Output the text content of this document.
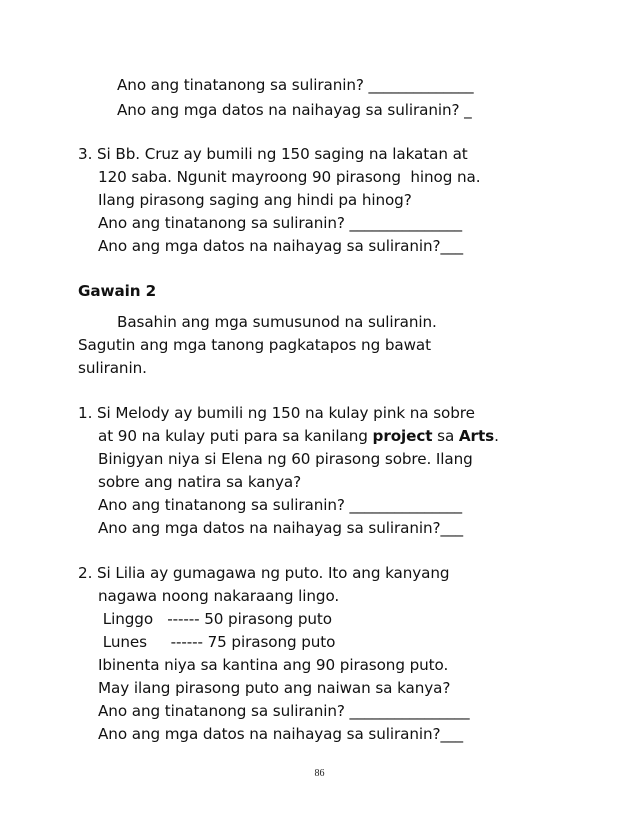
Ano ang tinatanong sa suliranin? ______________
Ano ang mga datos na naihayag sa suliranin? _
3. Si Bb. Cruz ay bumili ng 150 saging na lakatan at
120 saba. Ngunit mayroong 90 pirasong  hinog na.
Ilang pirasong saging ang hindi pa hinog?
Ano ang tinatanong sa suliranin? _______________
Ano ang mga datos na naihayag sa suliranin?___
Gawain 2
Basahin ang mga sumusunod na suliranin.
Sagutin ang mga tanong pagkatapos ng bawat
suliranin.
1. Si Melody ay bumili ng 150 na kulay pink na sobre
at 90 na kulay puti para sa kanilang project sa Arts.
Binigyan niya si Elena ng 60 pirasong sobre. Ilang
sobre ang natira sa kanya?
Ano ang tinatanong sa suliranin? _______________
Ano ang mga datos na naihayag sa suliranin?___
2. Si Lilia ay gumagawa ng puto. Ito ang kanyang
nagawa noong nakaraang lingo.
Linggo   ------ 50 pirasong puto
Lunes     ------ 75 pirasong puto
Ibinenta niya sa kantina ang 90 pirasong puto.
May ilang pirasong puto ang naiwan sa kanya?
Ano ang tinatanong sa suliranin? ________________
Ano ang mga datos na naihayag sa suliranin?___
86
